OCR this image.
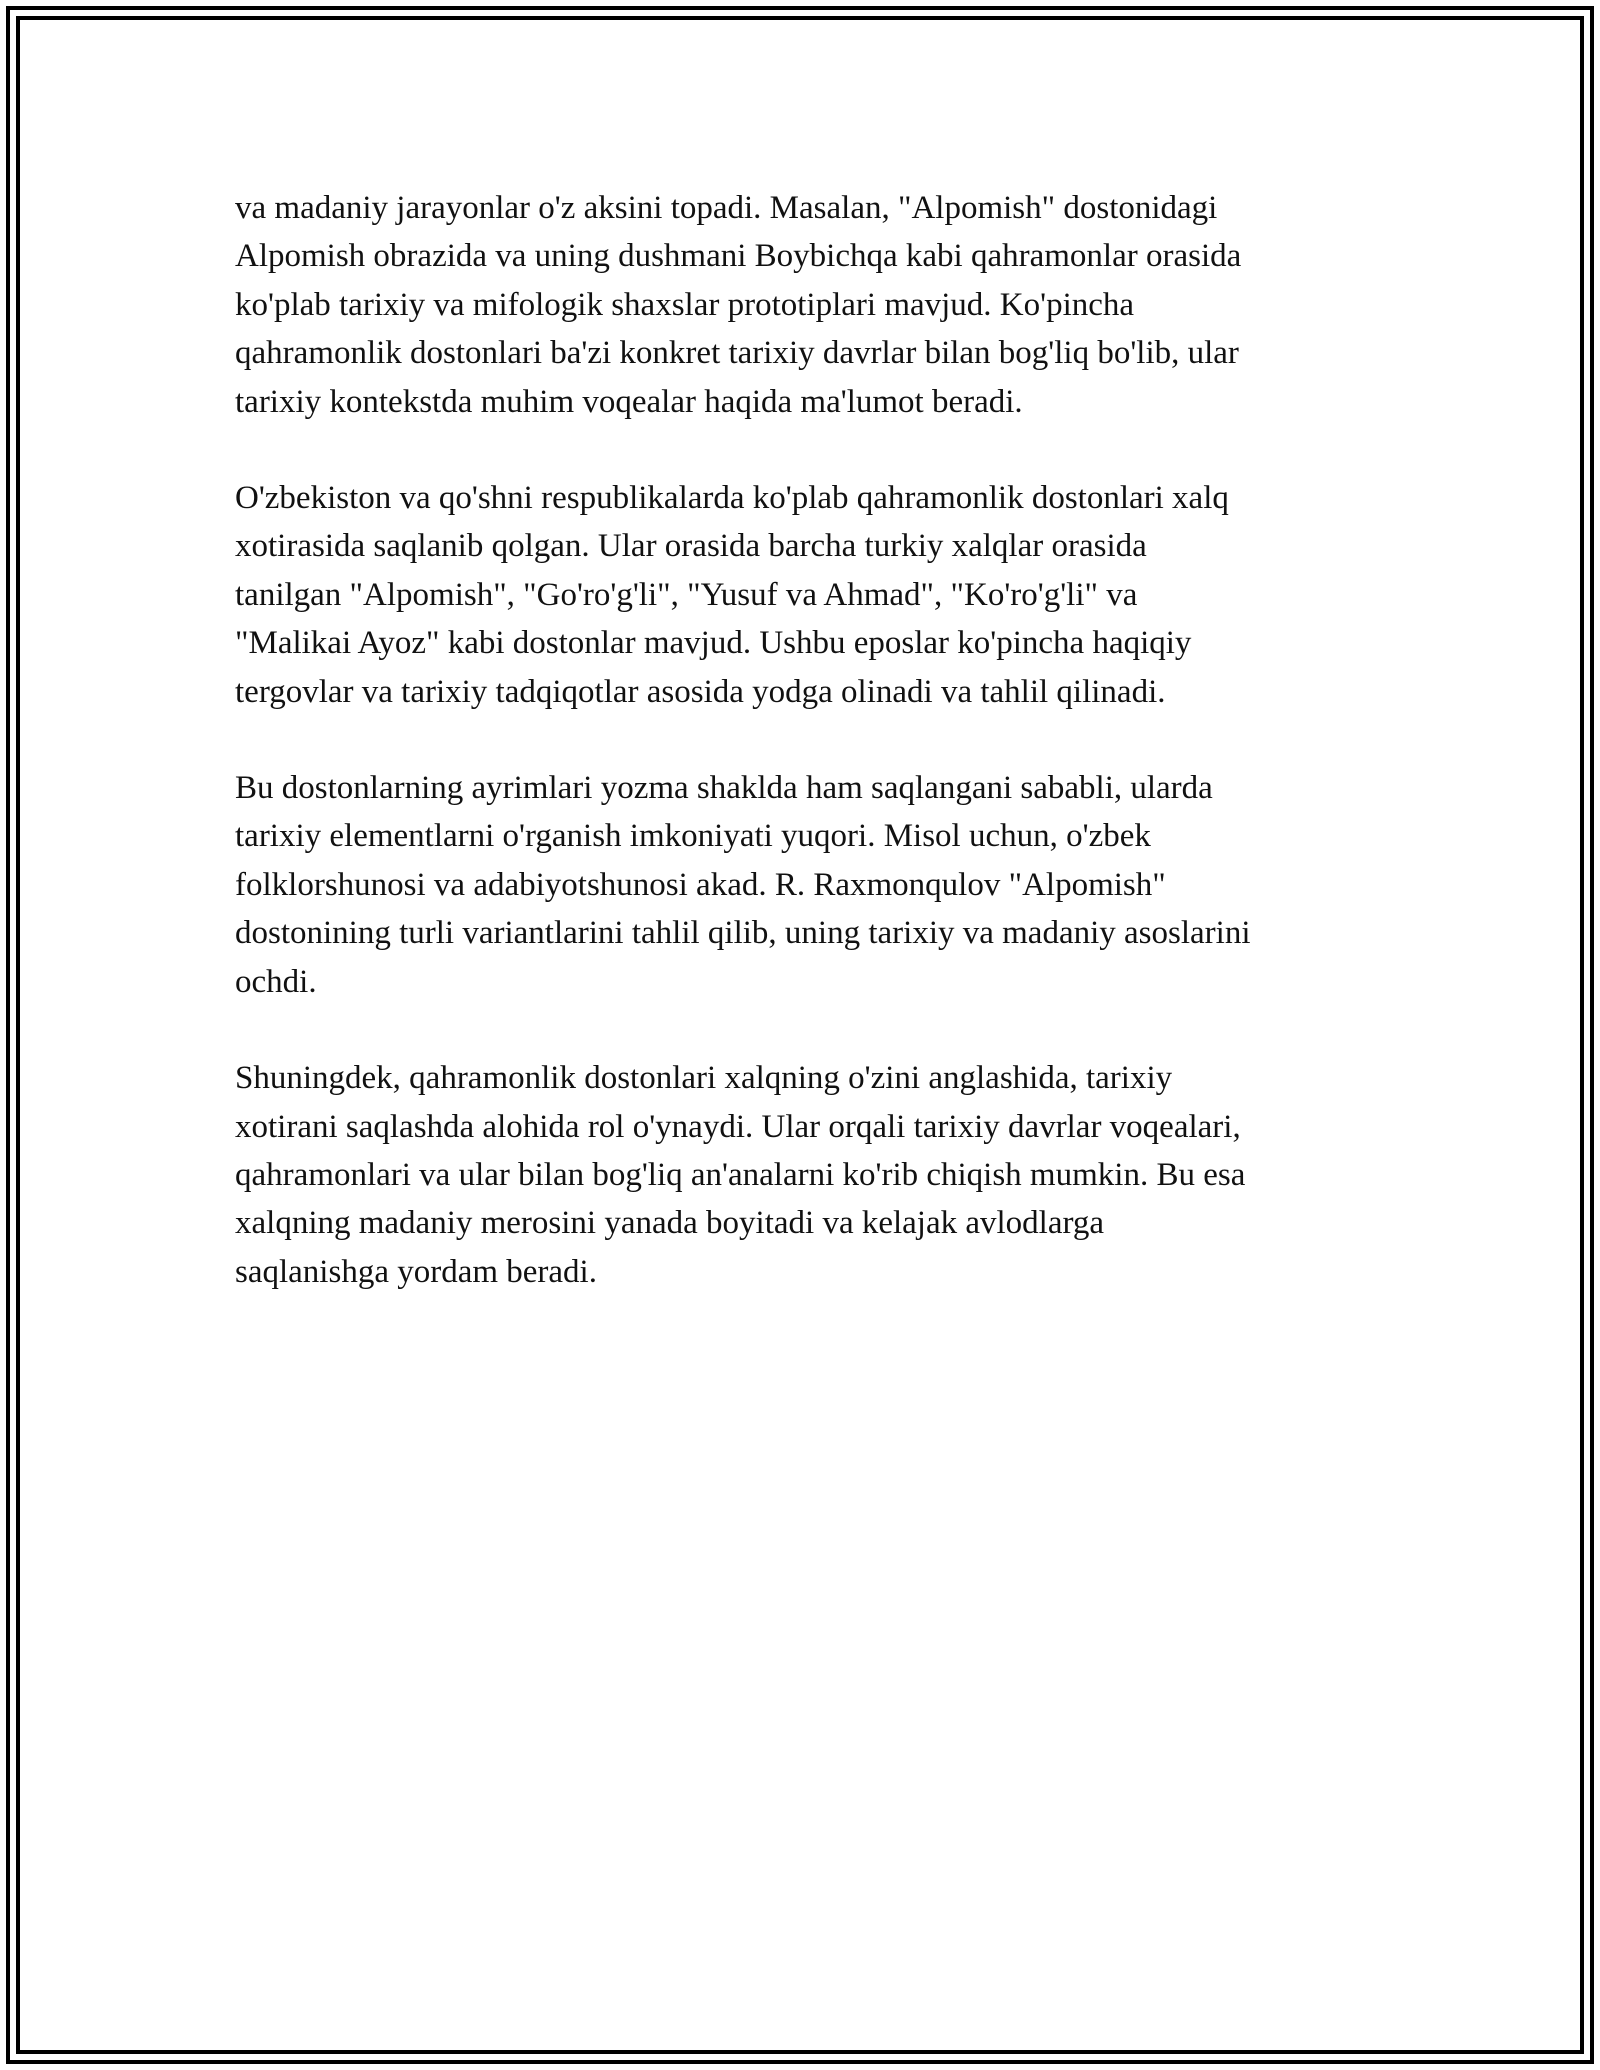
va madaniy jarayonlar o'z aksini topadi. Masalan, "Alpomish" dostonidagi
Alpomish obrazida va uning dushmani Boybichqa kabi qahramonlar orasida
ko'plab tarixiy va mifologik shaxslar prototiplari mavjud. Ko'pincha
qahramonlik dostonlari ba'zi konkret tarixiy davrlar bilan bog'liq bo'lib, ular
tarixiy kontekstda muhim voqealar haqida ma'lumot beradi.

O'zbekiston va qo'shni respublikalarda ko'plab qahramonlik dostonlari xalq
xotirasida saqlanib qolgan. Ular orasida barcha turkiy xalqlar orasida
tanilgan "Alpomish", "Go'ro'g'li", "Yusuf va Ahmad", "Ko'ro'g'li" va
"Malikai Ayoz" kabi dostonlar mavjud. Ushbu eposlar ko'pincha haqiqiy
tergovlar va tarixiy tadqiqotlar asosida yodga olinadi va tahlil qilinadi.

Bu dostonlarning ayrimlari yozma shaklda ham saqlangani sababli, ularda
tarixiy elementlarni o'rganish imkoniyati yuqori. Misol uchun, o'zbek
folklorshunosi va adabiyotshunosi akad. R. Raxmonqulov "Alpomish"
dostonining turli variantlarini tahlil qilib, uning tarixiy va madaniy asoslarini
ochdi.

Shuningdek, qahramonlik dostonlari xalqning o'zini anglashida, tarixiy
xotirani saqlashda alohida rol o'ynaydi. Ular orqali tarixiy davrlar voqealari,
qahramonlari va ular bilan bog'liq an'analarni ko'rib chiqish mumkin. Bu esa
xalqning madaniy merosini yanada boyitadi va kelajak avlodlarga
saqlanishga yordam beradi.
